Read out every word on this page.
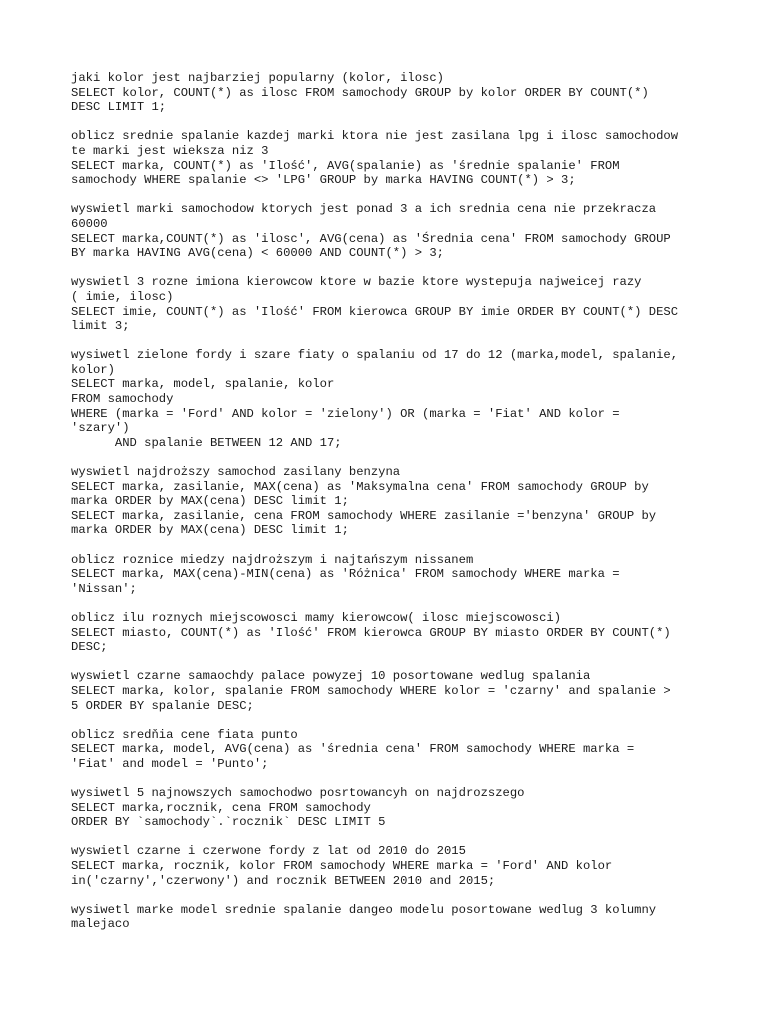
jaki kolor jest najbarziej popularny (kolor, ilosc)
SELECT kolor, COUNT(*) as ilosc FROM samochody GROUP by kolor ORDER BY COUNT(*)
DESC LIMIT 1;
oblicz srednie spalanie kazdej marki ktora nie jest zasilana lpg i ilosc samochodow
te marki jest wieksza niz 3
SELECT marka, COUNT(*) as 'Ilość', AVG(spalanie) as 'średnie spalanie' FROM
samochody WHERE spalanie <> 'LPG' GROUP by marka HAVING COUNT(*) > 3;
wyswietl marki samochodow ktorych jest ponad 3 a ich srednia cena nie przekracza
60000
SELECT marka,COUNT(*) as 'ilosc', AVG(cena) as 'Średnia cena' FROM samochody GROUP
BY marka HAVING AVG(cena) < 60000 AND COUNT(*) > 3;
wyswietl 3 rozne imiona kierowcow ktore w bazie ktore wystepuja najweicej razy
( imie, ilosc)
SELECT imie, COUNT(*) as 'Ilość' FROM kierowca GROUP BY imie ORDER BY COUNT(*) DESC
limit 3;
wysiwetl zielone fordy i szare fiaty o spalaniu od 17 do 12 (marka,model, spalanie,
kolor)
SELECT marka, model, spalanie, kolor
FROM samochody
WHERE (marka = 'Ford' AND kolor = 'zielony') OR (marka = 'Fiat' AND kolor =
'szary')
AND spalanie BETWEEN 12 AND 17;
wyswietl najdroższy samochod zasilany benzyna
SELECT marka, zasilanie, MAX(cena) as 'Maksymalna cena' FROM samochody GROUP by
marka ORDER by MAX(cena) DESC limit 1;
SELECT marka, zasilanie, cena FROM samochody WHERE zasilanie ='benzyna' GROUP by
marka ORDER by MAX(cena) DESC limit 1;
oblicz roznice miedzy najdroższym i najtańszym nissanem
SELECT marka, MAX(cena)-MIN(cena) as 'Różnica' FROM samochody WHERE marka =
'Nissan';
oblicz ilu roznych miejscowosci mamy kierowcow( ilosc miejscowosci)
SELECT miasto, COUNT(*) as 'Ilość' FROM kierowca GROUP BY miasto ORDER BY COUNT(*)
DESC;
wyswietl czarne samaochdy palace powyzej 10 posortowane wedlug spalania
SELECT marka, kolor, spalanie FROM samochody WHERE kolor = 'czarny' and spalanie >
5 ORDER BY spalanie DESC;
oblicz sredňia cene fiata punto
SELECT marka, model, AVG(cena) as 'średnia cena' FROM samochody WHERE marka =
'Fiat' and model = 'Punto';
wysiwetl 5 najnowszych samochodwo posrtowancyh on najdrozszego
SELECT marka,rocznik, cena FROM samochody
ORDER BY `samochody`.`rocznik` DESC LIMIT 5
wyswietl czarne i czerwone fordy z lat od 2010 do 2015
SELECT marka, rocznik, kolor FROM samochody WHERE marka = 'Ford' AND kolor
in('czarny','czerwony') and rocznik BETWEEN 2010 and 2015;
wysiwetl marke model srednie spalanie dangeo modelu posortowane wedlug 3 kolumny
malejaco
